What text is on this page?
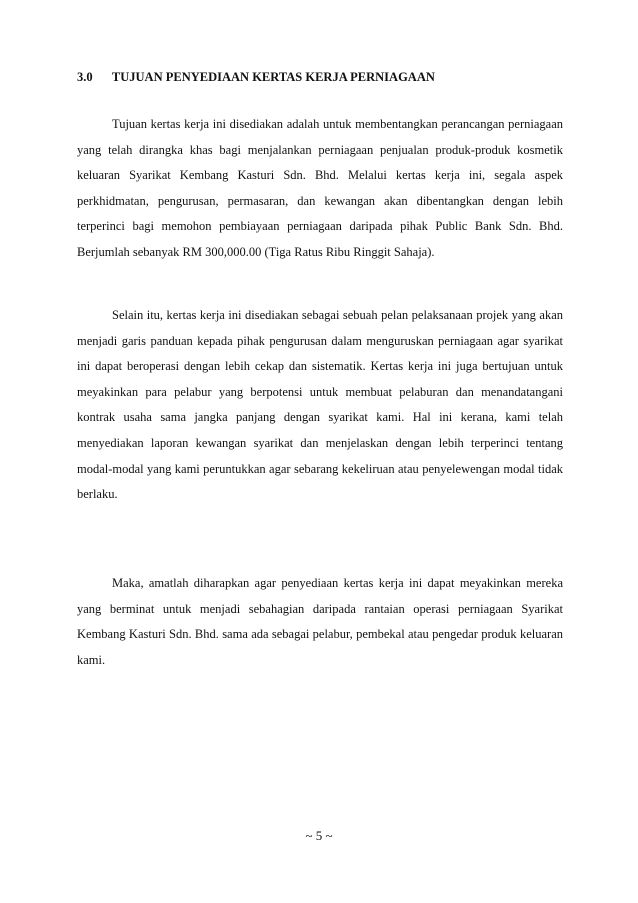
3.0 TUJUAN PENYEDIAAN KERTAS KERJA PERNIAGAAN

Tujuan kertas kerja ini disediakan adalah untuk membentangkan perancangan perniagaan yang telah dirangka khas bagi menjalankan perniagaan penjualan produk-produk kosmetik keluaran Syarikat Kembang Kasturi Sdn. Bhd. Melalui kertas kerja ini, segala aspek perkhidmatan, pengurusan, permasaran, dan kewangan akan dibentangkan dengan lebih terperinci bagi memohon pembiayaan perniagaan daripada pihak Public Bank Sdn. Bhd. Berjumlah sebanyak RM 300,000.00 (Tiga Ratus Ribu Ringgit Sahaja).

Selain itu, kertas kerja ini disediakan sebagai sebuah pelan pelaksanaan projek yang akan menjadi garis panduan kepada pihak pengurusan dalam menguruskan perniagaan agar syarikat ini dapat beroperasi dengan lebih cekap dan sistematik. Kertas kerja ini juga bertujuan untuk meyakinkan para pelabur yang berpotensi untuk membuat pelaburan dan menandatangani kontrak usaha sama jangka panjang dengan syarikat kami. Hal ini kerana, kami telah menyediakan laporan kewangan syarikat dan menjelaskan dengan lebih terperinci tentang modal-modal yang kami peruntukkan agar sebarang kekeliruan atau penyelewengan modal tidak berlaku.

Maka, amatlah diharapkan agar penyediaan kertas kerja ini dapat meyakinkan mereka yang berminat untuk menjadi sebahagian daripada rantaian operasi perniagaan Syarikat Kembang Kasturi Sdn. Bhd. sama ada sebagai pelabur, pembekal atau pengedar produk keluaran kami.

~ 5 ~
